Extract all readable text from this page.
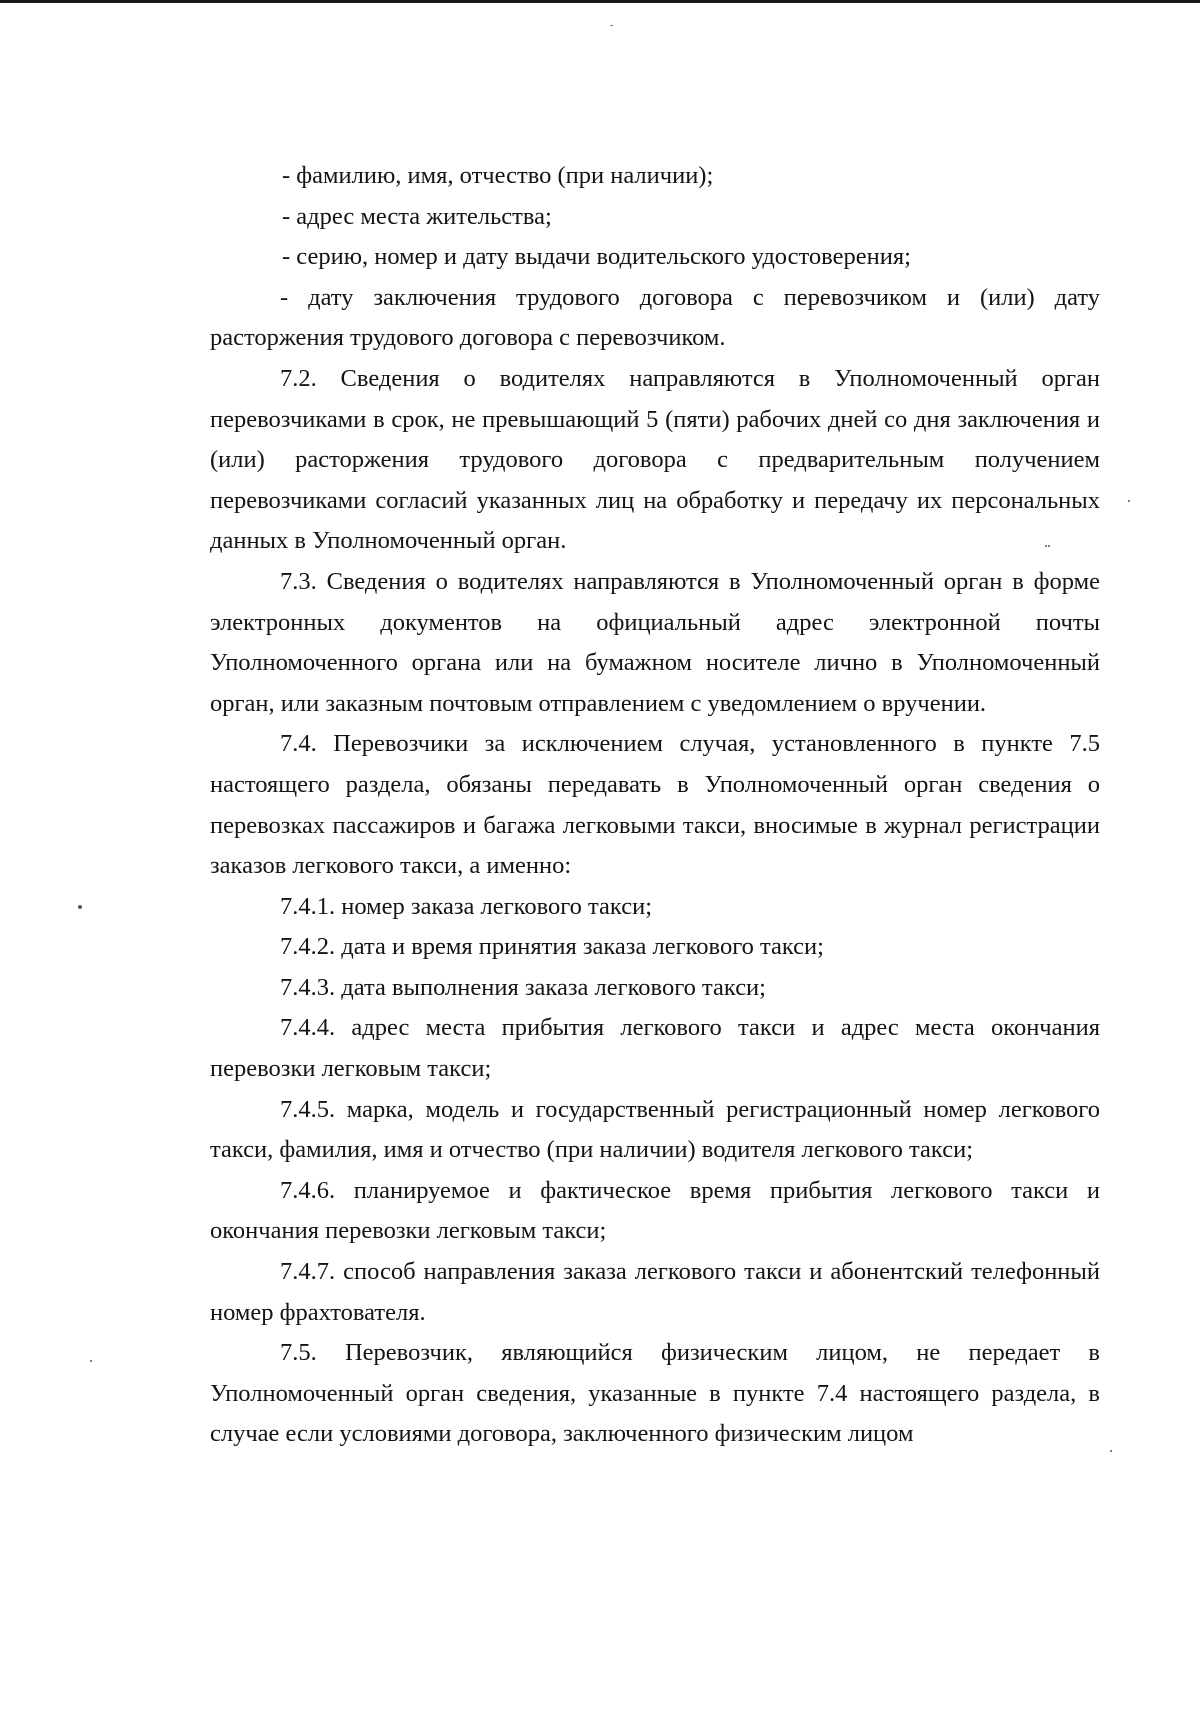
- фамилию, имя, отчество (при наличии);

- адрес места жительства;

- серию, номер и дату выдачи водительского удостоверения;

- дату заключения трудового договора с перевозчиком и (или) дату расторжения трудового договора с перевозчиком.

7.2. Сведения о водителях направляются в Уполномоченный орган перевозчиками в срок, не превышающий 5 (пяти) рабочих дней со дня заключения и (или) расторжения трудового договора с предварительным получением перевозчиками согласий указанных лиц на обработку и передачу их персональных данных в Уполномоченный орган.

7.3. Сведения о водителях направляются в Уполномоченный орган в форме электронных документов на официальный адрес электронной почты Уполномоченного органа или на бумажном носителе лично в Уполномоченный орган, или заказным почтовым отправлением с уведомлением о вручении.

7.4. Перевозчики за исключением случая, установленного в пункте 7.5 настоящего раздела, обязаны передавать в Уполномоченный орган сведения о перевозках пассажиров и багажа легковыми такси, вносимые в журнал регистрации заказов легкового такси, а именно:

7.4.1. номер заказа легкового такси;

7.4.2. дата и время принятия заказа легкового такси;

7.4.3. дата выполнения заказа легкового такси;

7.4.4. адрес места прибытия легкового такси и адрес места окончания перевозки легковым такси;

7.4.5. марка, модель и государственный регистрационный номер легкового такси, фамилия, имя и отчество (при наличии) водителя легкового такси;

7.4.6. планируемое и фактическое время прибытия легкового такси и окончания перевозки легковым такси;

7.4.7. способ направления заказа легкового такси и абонентский телефонный номер фрахтователя.

7.5. Перевозчик, являющийся физическим лицом, не передает в Уполномоченный орган сведения, указанные в пункте 7.4 настоящего раздела, в случае если условиями договора, заключенного физическим лицом
